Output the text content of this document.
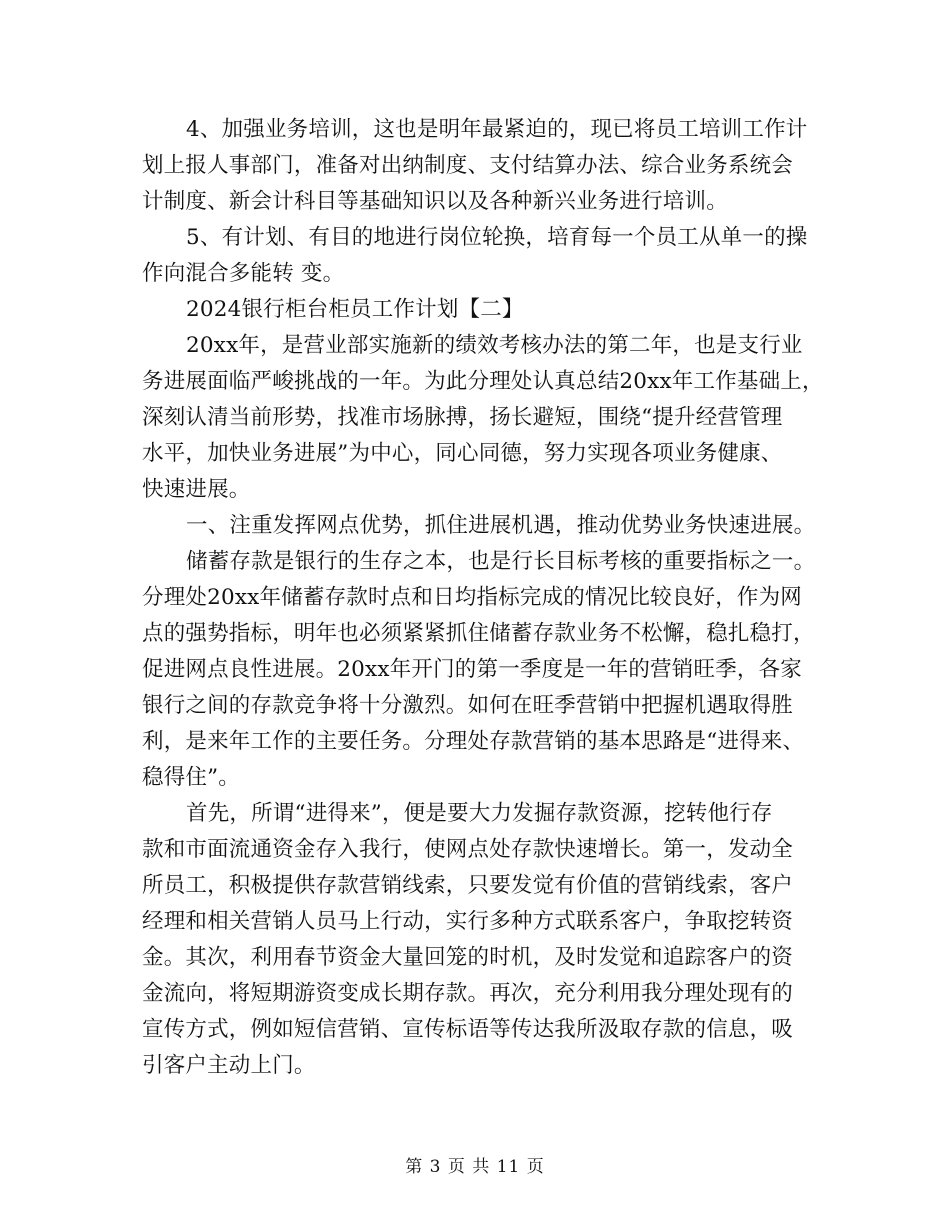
4、加强业务培训，这也是明年最紧迫的，现已将员工培训工作计
划上报人事部门，准备对出纳制度、支付结算办法、综合业务系统会
计制度、新会计科目等基础知识以及各种新兴业务进行培训。
5、有计划、有目的地进行岗位轮换，培育每一个员工从单一的操
作向混合多能转 变。
2024银行柜台柜员工作计划【二】
20xx年，是营业部实施新的绩效考核办法的第二年，也是支行业
务进展面临严峻挑战的一年。为此分理处认真总结20xx年工作基础上，
深刻认清当前形势，找准市场脉搏，扬长避短，围绕“提升经营管理
水平，加快业务进展”为中心，同心同德，努力实现各项业务健康、
快速进展。
一、注重发挥网点优势，抓住进展机遇，推动优势业务快速进展。
储蓄存款是银行的生存之本，也是行长目标考核的重要指标之一。
分理处20xx年储蓄存款时点和日均指标完成的情况比较良好，作为网
点的强势指标，明年也必须紧紧抓住储蓄存款业务不松懈，稳扎稳打，
促进网点良性进展。20xx年开门的第一季度是一年的营销旺季，各家
银行之间的存款竞争将十分激烈。如何在旺季营销中把握机遇取得胜
利，是来年工作的主要任务。分理处存款营销的基本思路是“进得来、
稳得住”。
首先，所谓“进得来”，便是要大力发掘存款资源，挖转他行存
款和市面流通资金存入我行，使网点处存款快速增长。第一，发动全
所员工，积极提供存款营销线索，只要发觉有价值的营销线索，客户
经理和相关营销人员马上行动，实行多种方式联系客户，争取挖转资
金。其次，利用春节资金大量回笼的时机，及时发觉和追踪客户的资
金流向，将短期游资变成长期存款。再次，充分利用我分理处现有的
宣传方式，例如短信营销、宣传标语等传达我所汲取存款的信息，吸
引客户主动上门。
第 3 页 共 11 页
